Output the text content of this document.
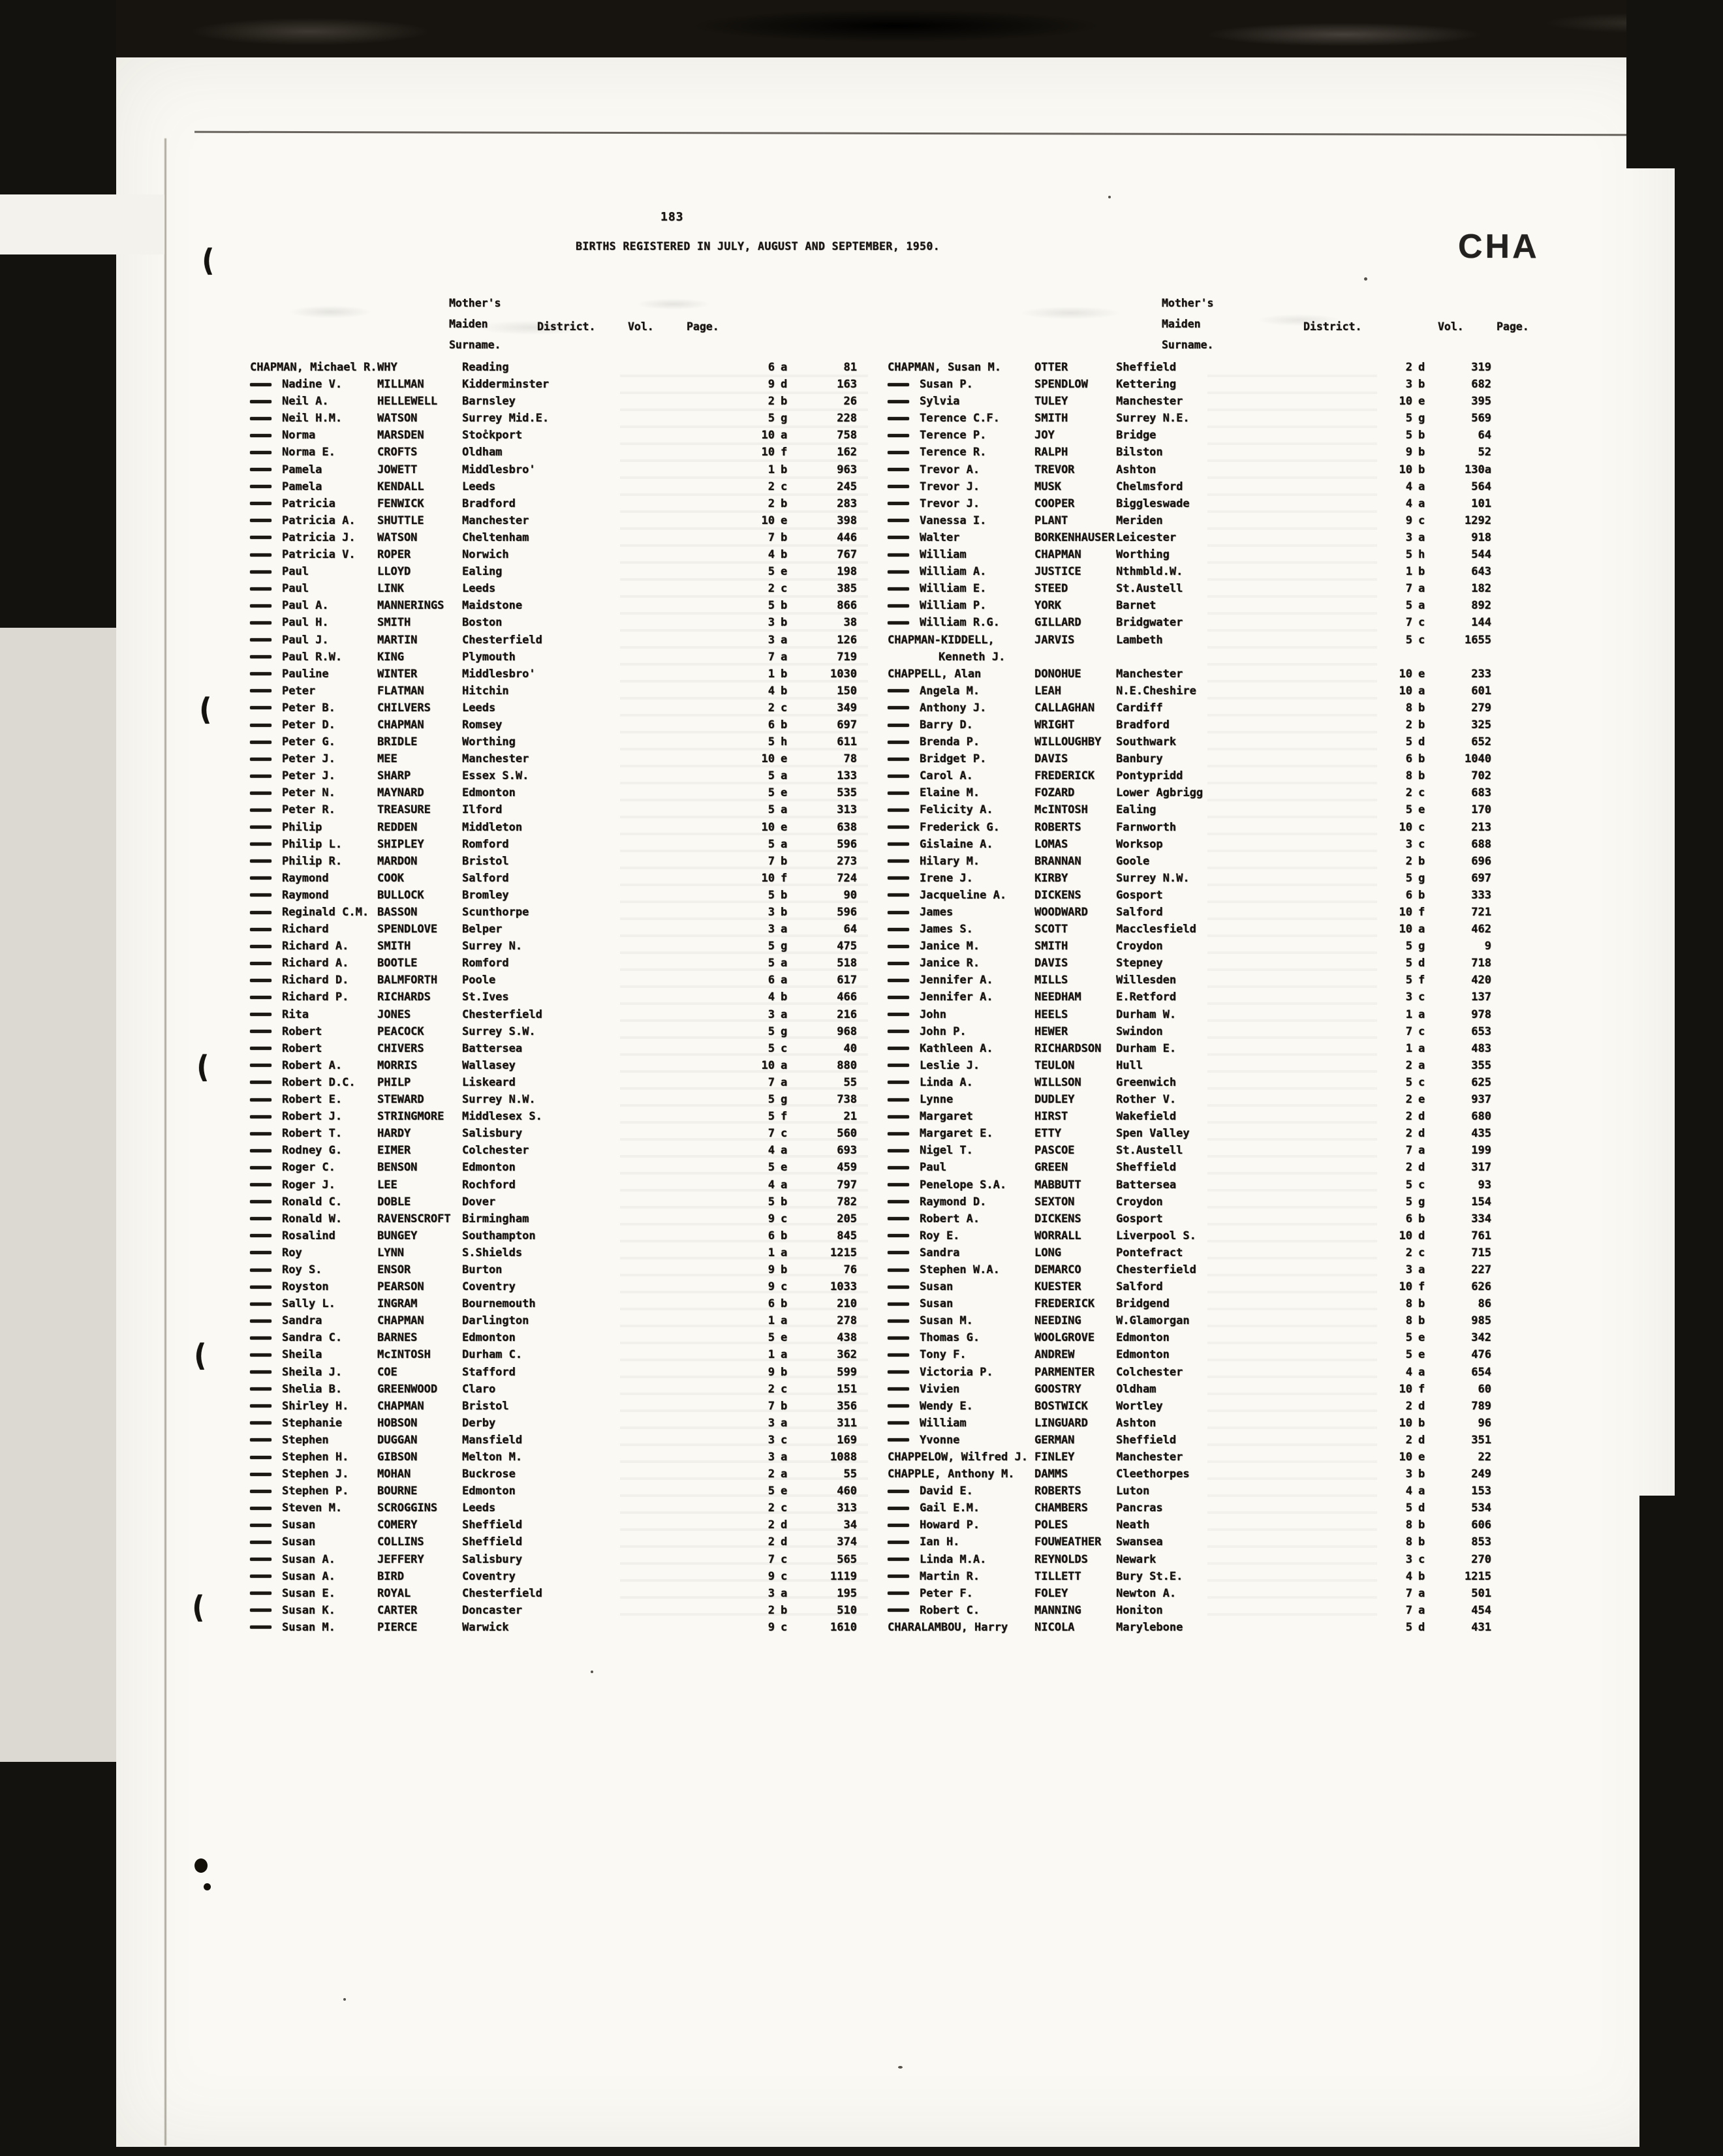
(
(
(
(
(
183
BIRTHS REGISTERED IN JULY, AUGUST AND SEPTEMBER, 1950.	CHA
Mother's
Maiden
Surname.
District.	Vol.	Page.
Mother's
Maiden
Surname.
District.	Vol.	Page.
CHAPMAN, Michael R. WHY	Reading	6 a	81
Nadine V.	MILLMAN	Kidderminster	9 d	163
Neil A.	HELLEWELL	Barnsley	2 b	26
Neil H.M.	WATSON	Surrey Mid.E.	5 g	228
Norma	MARSDEN	Stockport	10 a	758
Norma E.	CROFTS	Oldham	10 f	162
Pamela	JOWETT	Middlesbro'	1 b	963
Pamela	KENDALL	Leeds	2 c	245
Patricia	FENWICK	Bradford	2 b	283
Patricia A.	SHUTTLE	Manchester	10 e	398
Patricia J.	WATSON	Cheltenham	7 b	446
Patricia V.	ROPER	Norwich	4 b	767
Paul	LLOYD	Ealing	5 e	198
Paul	LINK	Leeds	2 c	385
Paul A.	MANNERINGS	Maidstone	5 b	866
Paul H.	SMITH	Boston	3 b	38
Paul J.	MARTIN	Chesterfield	3 a	126
Paul R.W.	KING	Plymouth	7 a	719
Pauline	WINTER	Middlesbro'	1 b	1030
Peter	FLATMAN	Hitchin	4 b	150
Peter B.	CHILVERS	Leeds	2 c	349
Peter D.	CHAPMAN	Romsey	6 b	697
Peter G.	BRIDLE	Worthing	5 h	611
Peter J.	MEE	Manchester	10 e	78
Peter J.	SHARP	Essex S.W.	5 a	133
Peter N.	MAYNARD	Edmonton	5 e	535
Peter R.	TREASURE	Ilford	5 a	313
Philip	REDDEN	Middleton	10 e	638
Philip L.	SHIPLEY	Romford	5 a	596
Philip R.	MARDON	Bristol	7 b	273
Raymond	COOK	Salford	10 f	724
Raymond	BULLOCK	Bromley	5 b	90
Reginald C.M. BASSON	Scunthorpe	3 b	596
Richard	SPENDLOVE	Belper	3 a	64
Richard A.	SMITH	Surrey N.	5 g	475
Richard A.	BOOTLE	Romford	5 a	518
Richard D.	BALMFORTH	Poole	6 a	617
Richard P.	RICHARDS	St.Ives	4 b	466
Rita	JONES	Chesterfield	3 a	216
Robert	PEACOCK	Surrey S.W.	5 g	968
Robert	CHIVERS	Battersea	5 c	40
Robert A.	MORRIS	Wallasey	10 a	880
Robert D.C.	PHILP	Liskeard	7 a	55
Robert E.	STEWARD	Surrey N.W.	5 g	738
Robert J.	STRINGMORE	Middlesex S.	5 f	21
Robert T.	HARDY	Salisbury	7 c	560
Rodney G.	EIMER	Colchester	4 a	693
Roger C.	BENSON	Edmonton	5 e	459
Roger J.	LEE	Rochford	4 a	797
Ronald C.	DOBLE	Dover	5 b	782
Ronald W.	RAVENSCROFT	Birmingham	9 c	205
Rosalind	BUNGEY	Southampton	6 b	845
Roy	LYNN	S.Shields	1 a	1215
Roy S.	ENSOR	Burton	9 b	76
Royston	PEARSON	Coventry	9 c	1033
Sally L.	INGRAM	Bournemouth	6 b	210
Sandra	CHAPMAN	Darlington	1 a	278
Sandra C.	BARNES	Edmonton	5 e	438
Sheila	McINTOSH	Durham C.	1 a	362
Sheila J.	COE	Stafford	9 b	599
Shelia B.	GREENWOOD	Claro	2 c	151
Shirley H.	CHAPMAN	Bristol	7 b	356
Stephanie	HOBSON	Derby	3 a	311
Stephen	DUGGAN	Mansfield	3 c	169
Stephen H.	GIBSON	Melton M.	3 a	1088
Stephen J.	MOHAN	Buckrose	2 a	55
Stephen P.	BOURNE	Edmonton	5 e	460
Steven M.	SCROGGINS	Leeds	2 c	313
Susan	COMERY	Sheffield	2 d	34
Susan	COLLINS	Sheffield	2 d	374
Susan A.	JEFFERY	Salisbury	7 c	565
Susan A.	BIRD	Coventry	9 c	1119
Susan E.	ROYAL	Chesterfield	3 a	195
Susan K.	CARTER	Doncaster	2 b	510
Susan M.	PIERCE	Warwick	9 c	1610
CHAPMAN, Susan M.	OTTER	Sheffield	2 d	319
Susan P.	SPENDLOW	Kettering	3 b	682
Sylvia	TULEY	Manchester	10 e	395
Terence C.F.	SMITH	Surrey N.E.	5 g	569
Terence P.	JOY	Bridge	5 b	64
Terence R.	RALPH	Bilston	9 b	52
Trevor A.	TREVOR	Ashton	10 b	130a
Trevor J.	MUSK	Chelmsford	4 a	564
Trevor J.	COOPER	Biggleswade	4 a	101
Vanessa I.	PLANT	Meriden	9 c	1292
Walter	BORKENHAUSER Leicester	3 a	918
William	CHAPMAN	Worthing	5 h	544
William A.	JUSTICE	Nthmbld.W.	1 b	643
William E.	STEED	St.Austell	7 a	182
William P.	YORK	Barnet	5 a	892
William R.G.	GILLARD	Bridgwater	7 c	144
CHAPMAN-KIDDELL,	JARVIS	Lambeth	5 c	1655
Kenneth J.
CHAPPELL, Alan	DONOHUE	Manchester	10 e	233
Angela M.	LEAH	N.E.Cheshire	10 a	601
Anthony J.	CALLAGHAN	Cardiff	8 b	279
Barry D.	WRIGHT	Bradford	2 b	325
Brenda P.	WILLOUGHBY	Southwark	5 d	652
Bridget P.	DAVIS	Banbury	6 b	1040
Carol A.	FREDERICK	Pontypridd	8 b	702
Elaine M.	FOZARD	Lower Agbrigg	2 c	683
Felicity A.	McINTOSH	Ealing	5 e	170
Frederick G.	ROBERTS	Farnworth	10 c	213
Gislaine A.	LOMAS	Worksop	3 c	688
Hilary M.	BRANNAN	Goole	2 b	696
Irene J.	KIRBY	Surrey N.W.	5 g	697
Jacqueline A.	DICKENS	Gosport	6 b	333
James	WOODWARD	Salford	10 f	721
James S.	SCOTT	Macclesfield	10 a	462
Janice M.	SMITH	Croydon	5 g	9
Janice R.	DAVIS	Stepney	5 d	718
Jennifer A.	MILLS	Willesden	5 f	420
Jennifer A.	NEEDHAM	E.Retford	3 c	137
John	HEELS	Durham W.	1 a	978
John P.	HEWER	Swindon	7 c	653
Kathleen A.	RICHARDSON	Durham E.	1 a	483
Leslie J.	TEULON	Hull	2 a	355
Linda A.	WILLSON	Greenwich	5 c	625
Lynne	DUDLEY	Rother V.	2 e	937
Margaret	HIRST	Wakefield	2 d	680
Margaret E.	ETTY	Spen Valley	2 d	435
Nigel T.	PASCOE	St.Austell	7 a	199
Paul	GREEN	Sheffield	2 d	317
Penelope S.A.	MABBUTT	Battersea	5 c	93
Raymond D.	SEXTON	Croydon	5 g	154
Robert A.	DICKENS	Gosport	6 b	334
Roy E.	WORRALL	Liverpool S.	10 d	761
Sandra	LONG	Pontefract	2 c	715
Stephen W.A.	DEMARCO	Chesterfield	3 a	227
Susan	KUESTER	Salford	10 f	626
Susan	FREDERICK	Bridgend	8 b	86
Susan M.	NEEDING	W.Glamorgan	8 b	985
Thomas G.	WOOLGROVE	Edmonton	5 e	342
Tony F.	ANDREW	Edmonton	5 e	476
Victoria P.	PARMENTER	Colchester	4 a	654
Vivien	GOOSTRY	Oldham	10 f	60
Wendy E.	BOSTWICK	Wortley	2 d	789
William	LINGUARD	Ashton	10 b	96
Yvonne	GERMAN	Sheffield	2 d	351
CHAPPELOW, Wilfred J. FINLEY	Manchester	10 e	22
CHAPPLE, Anthony M.	DAMMS	Cleethorpes	3 b	249
David E.	ROBERTS	Luton	4 a	153
Gail E.M.	CHAMBERS	Pancras	5 d	534
Howard P.	POLES	Neath	8 b	606
Ian H.	FOUWEATHER	Swansea	8 b	853
Linda M.A.	REYNOLDS	Newark	3 c	270
Martin R.	TILLETT	Bury St.E.	4 b	1215
Peter F.	FOLEY	Newton A.	7 a	501
Robert C.	MANNING	Honiton	7 a	454
CHARALAMBOU, Harry	NICOLA	Marylebone	5 d	431
